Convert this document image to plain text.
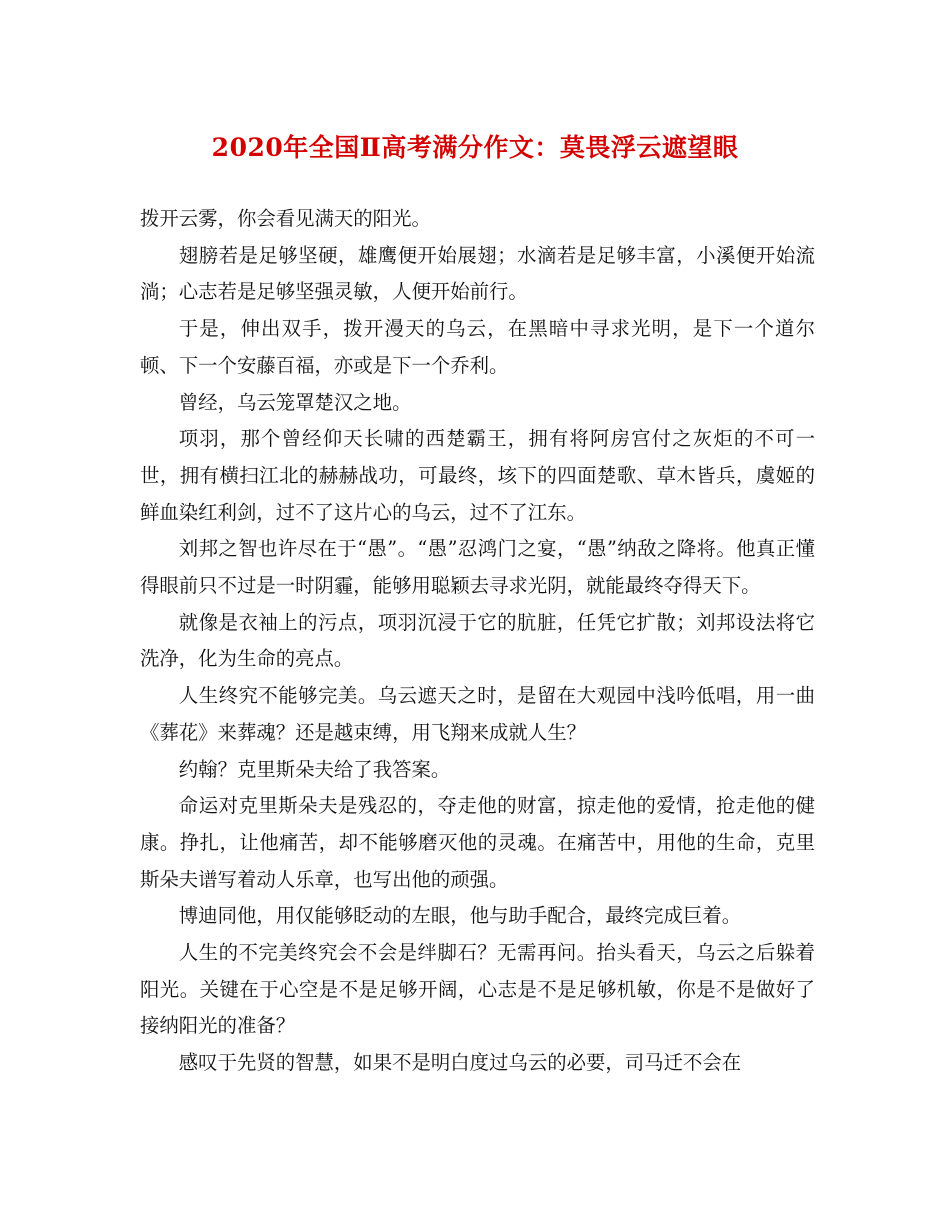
2020年全国Ⅱ高考满分作文：莫畏浮云遮望眼

拨开云雾，你会看见满天的阳光。

翅膀若是足够坚硬，雄鹰便开始展翅；水滴若是足够丰富，小溪便开始流淌；心志若是足够坚强灵敏，人便开始前行。

于是，伸出双手，拨开漫天的乌云，在黑暗中寻求光明，是下一个道尔顿、下一个安藤百福，亦或是下一个乔利。

曾经，乌云笼罩楚汉之地。

项羽，那个曾经仰天长啸的西楚霸王，拥有将阿房宫付之灰炬的不可一世，拥有横扫江北的赫赫战功，可最终，垓下的四面楚歌、草木皆兵，虞姬的鲜血染红利剑，过不了这片心的乌云，过不了江东。

刘邦之智也许尽在于“愚”。“愚”忍鸿门之宴，“愚”纳敌之降将。他真正懂得眼前只不过是一时阴霾，能够用聪颖去寻求光阴，就能最终夺得天下。

就像是衣袖上的污点，项羽沉浸于它的肮脏，任凭它扩散；刘邦设法将它洗净，化为生命的亮点。

人生终究不能够完美。乌云遮天之时，是留在大观园中浅吟低唱，用一曲《葬花》来葬魂？还是越束缚，用飞翔来成就人生？

约翰？克里斯朵夫给了我答案。

命运对克里斯朵夫是残忍的，夺走他的财富，掠走他的爱情，抢走他的健康。挣扎，让他痛苦，却不能够磨灭他的灵魂。在痛苦中，用他的生命，克里斯朵夫谱写着动人乐章，也写出他的顽强。

博迪同他，用仅能够眨动的左眼，他与助手配合，最终完成巨着。

人生的不完美终究会不会是绊脚石？无需再问。抬头看天，乌云之后躲着阳光。关键在于心空是不是足够开阔，心志是不是足够机敏，你是不是做好了接纳阳光的准备？

感叹于先贤的智慧，如果不是明白度过乌云的必要，司马迁不会在
